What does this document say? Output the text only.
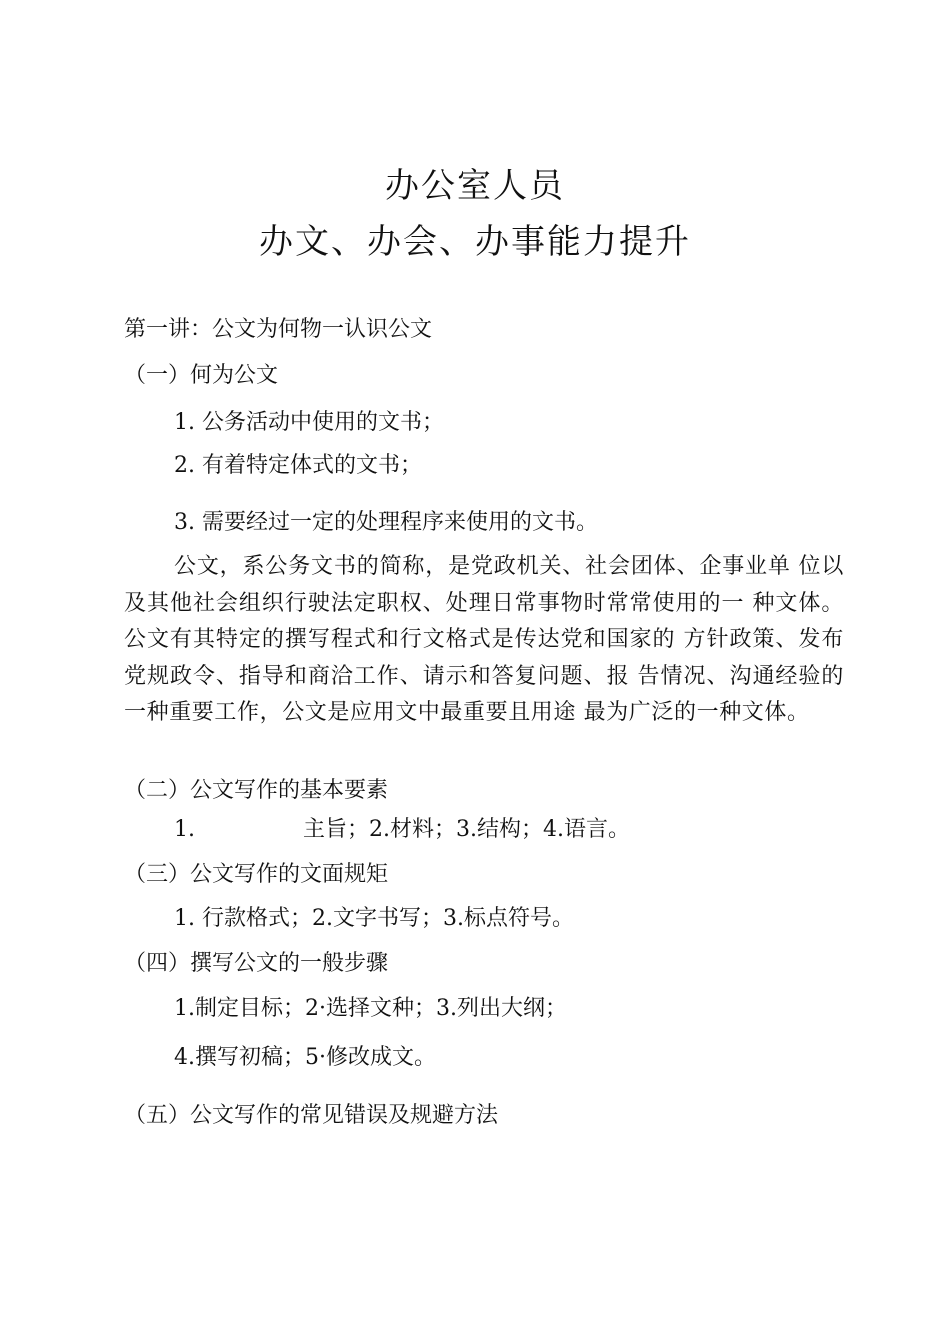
办公室人员
办文、办会、办事能力提升
第一讲：公文为何物一认识公文
（一）何为公文
1. 公务活动中使用的文书；
2. 有着特定体式的文书；
3. 需要经过一定的处理程序来使用的文书。
公文，系公务文书的简称，是党政机关、社会团体、企事业单 位以及其他社会组织行驶法定职权、处理日常事物时常常使用的一 种文体。公文有其特定的撰写程式和行文格式是传达党和国家的 方针政策、发布党规政令、指导和商洽工作、请示和答复问题、报 告情况、沟通经验的一种重要工作，公文是应用文中最重要且用途 最为广泛的一种文体。
（二）公文写作的基本要素
1.	主旨；2.材料；3.结构；4.语言。
（三）公文写作的文面规矩
1. 行款格式；2.文字书写；3.标点符号。
（四）撰写公文的一般步骤
1.制定目标；2·选择文种；3.列出大纲；
4.撰写初稿；5·修改成文。
（五）公文写作的常见错误及规避方法
